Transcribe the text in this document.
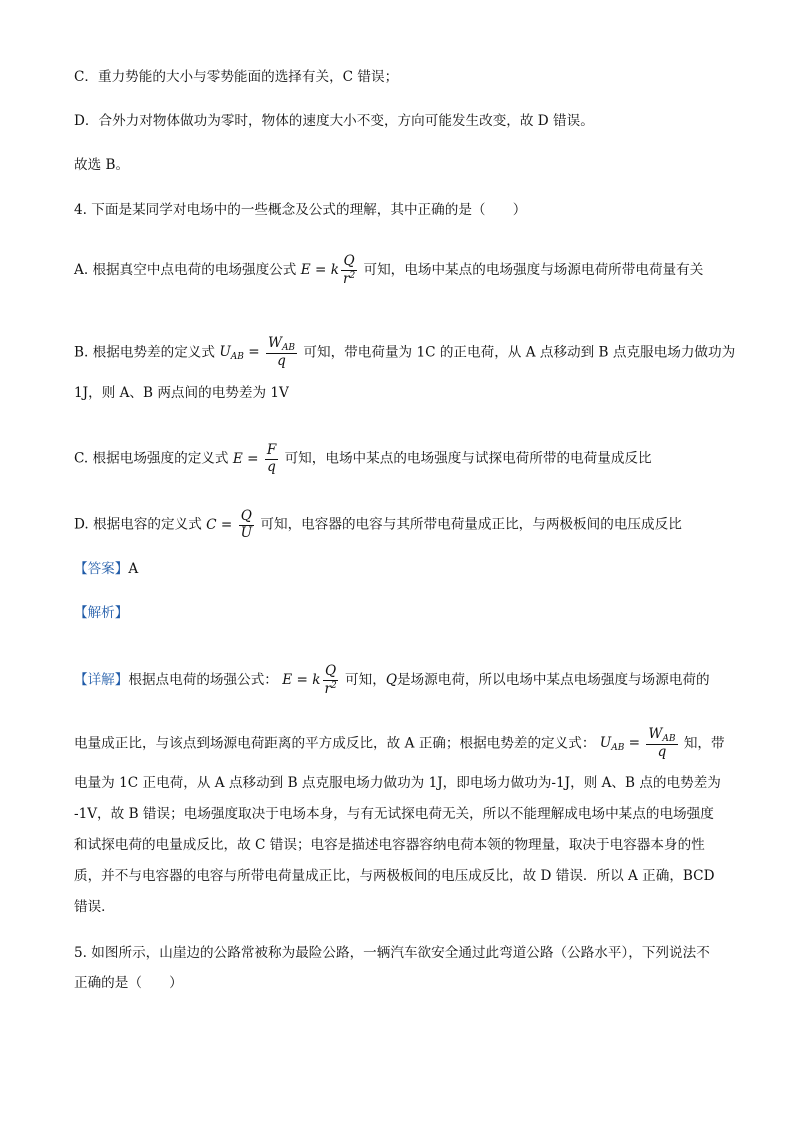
C．重力势能的大小与零势能面的选择有关，C 错误；
D．合外力对物体做功为零时，物体的速度大小不变，方向可能发生改变，故 D 错误。
故选 B。
4. 下面是某同学对电场中的一些概念及公式的理解，其中正确的是（　　）
A. 根据真空中点电荷的电场强度公式 E = k $\frac{Q}{r^2}$ 可知，电场中某点的电场强度与场源电荷所带电荷量有关
B. 根据电势差的定义式 $U_{AB} = \frac{W_{AB}}{q}$ 可知，带电荷量为 1C 的正电荷，从 A 点移动到 B 点克服电场力做功为
1J，则 A、B 两点间的电势差为 1V
C. 根据电场强度的定义式 $E = \frac{F}{q}$ 可知，电场中某点的电场强度与试探电荷所带的电荷量成反比
D. 根据电容的定义式 $C = \frac{Q}{U}$ 可知，电容器的电容与其所带电荷量成正比，与两极板间的电压成反比
【答案】A
【解析】
【详解】根据点电荷的场强公式： E = k $\frac{Q}{r^2}$ 可知，Q是场源电荷，所以电场中某点电场强度与场源电荷的
电量成正比，与该点到场源电荷距离的平方成反比，故 A 正确；根据电势差的定义式： $U_{AB} = \frac{W_{AB}}{q}$ 知，带
电量为 1C 正电荷，从 A 点移动到 B 点克服电场力做功为 1J，即电场力做功为-1J，则 A、B 点的电势差为
-1V，故 B 错误；电场强度取决于电场本身，与有无试探电荷无关，所以不能理解成电场中某点的电场强度
和试探电荷的电量成反比，故 C 错误；电容是描述电容器容纳电荷本领的物理量，取决于电容器本身的性
质，并不与电容器的电容与所带电荷量成正比，与两极板间的电压成反比，故 D 错误．所以 A 正确，BCD
错误．
5. 如图所示，山崖边的公路常被称为最险公路，一辆汽车欲安全通过此弯道公路（公路水平），下列说法不
正确的是（　　）
